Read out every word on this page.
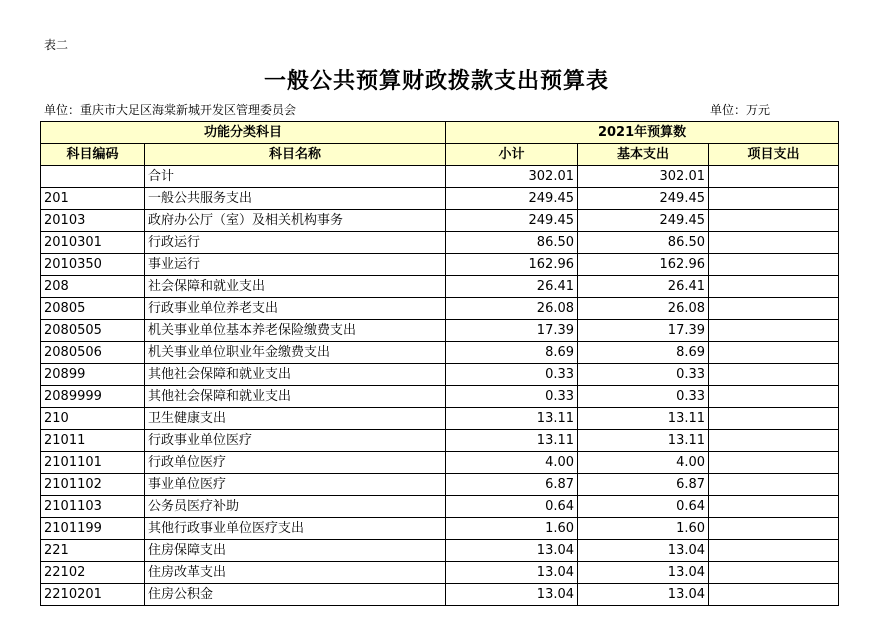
表二
一般公共预算财政拨款支出预算表
单位：重庆市大足区海棠新城开发区管理委员会	单位：万元
功能分类科目		2021年预算数		
科目编码	科目名称	小计	基本支出	项目支出
	合计	302.01	302.01	
201	一般公共服务支出	249.45	249.45	
20103	政府办公厅（室）及相关机构事务	249.45	249.45	
2010301	行政运行	86.50	86.50	
2010350	事业运行	162.96	162.96	
208	社会保障和就业支出	26.41	26.41	
20805	行政事业单位养老支出	26.08	26.08	
2080505	机关事业单位基本养老保险缴费支出	17.39	17.39	
2080506	机关事业单位职业年金缴费支出	8.69	8.69	
20899	其他社会保障和就业支出	0.33	0.33	
2089999	其他社会保障和就业支出	0.33	0.33	
210	卫生健康支出	13.11	13.11	
21011	行政事业单位医疗	13.11	13.11	
2101101	行政单位医疗	4.00	4.00	
2101102	事业单位医疗	6.87	6.87	
2101103	公务员医疗补助	0.64	0.64	
2101199	其他行政事业单位医疗支出	1.60	1.60	
221	住房保障支出	13.04	13.04	
22102	住房改革支出	13.04	13.04	
2210201	住房公积金	13.04	13.04	
